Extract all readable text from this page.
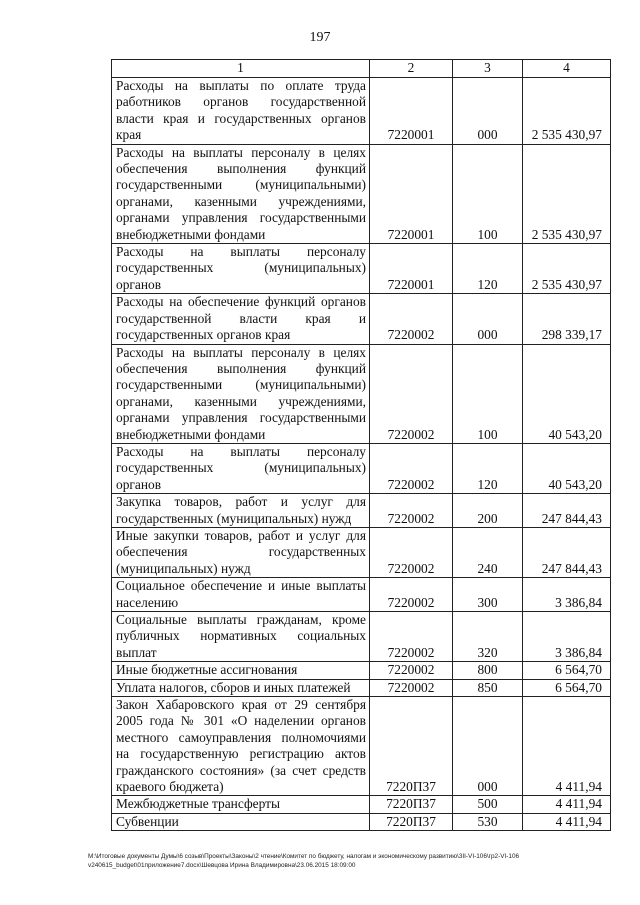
197
1	2	3	4
Расходы на выплаты по оплате труда работников органов государственной власти края и государственных органов края	7220001	000	2 535 430,97
Расходы на выплаты персоналу в целях обеспечения выполнения функций государственными (муниципальными) органами, казенными учреждениями, органами управления государственными внебюджетными фондами	7220001	100	2 535 430,97
Расходы на выплаты персоналу государственных (муниципальных) органов	7220001	120	2 535 430,97
Расходы на обеспечение функций органов государственной власти края и государственных органов края	7220002	000	298 339,17
Расходы на выплаты персоналу в целях обеспечения выполнения функций государственными (муниципальными) органами, казенными учреждениями, органами управления государственными внебюджетными фондами	7220002	100	40 543,20
Расходы на выплаты персоналу государственных (муниципальных) органов	7220002	120	40 543,20
Закупка товаров, работ и услуг для государственных (муниципальных) нужд	7220002	200	247 844,43
Иные закупки товаров, работ и услуг для обеспечения государственных (муниципальных) нужд	7220002	240	247 844,43
Социальное обеспечение и иные выплаты населению	7220002	300	3 386,84
Социальные выплаты гражданам, кроме публичных нормативных социальных выплат	7220002	320	3 386,84
Иные бюджетные ассигнования	7220002	800	6 564,70
Уплата налогов, сборов и иных платежей	7220002	850	6 564,70
Закон Хабаровского края от 29 сентября 2005 года № 301 «О наделении органов местного самоуправления полномочиями на государственную регистрацию актов гражданского состояния» (за счет средств краевого бюджета)	7220П37	000	4 411,94
Межбюджетные трансферты	7220П37	500	4 411,94
Субвенции	7220П37	530	4 411,94
M:\Итоговые документы Думы\6 созыв\Проекты\Законы\2 чтение\Комитет по бюджету, налогам и экономическому развитию\3II-VI-106\гр2-VI-106 v240615_budget\01приложение7.docx\Шевцова Ирина Владимировна\23.06.2015 18:09:00
